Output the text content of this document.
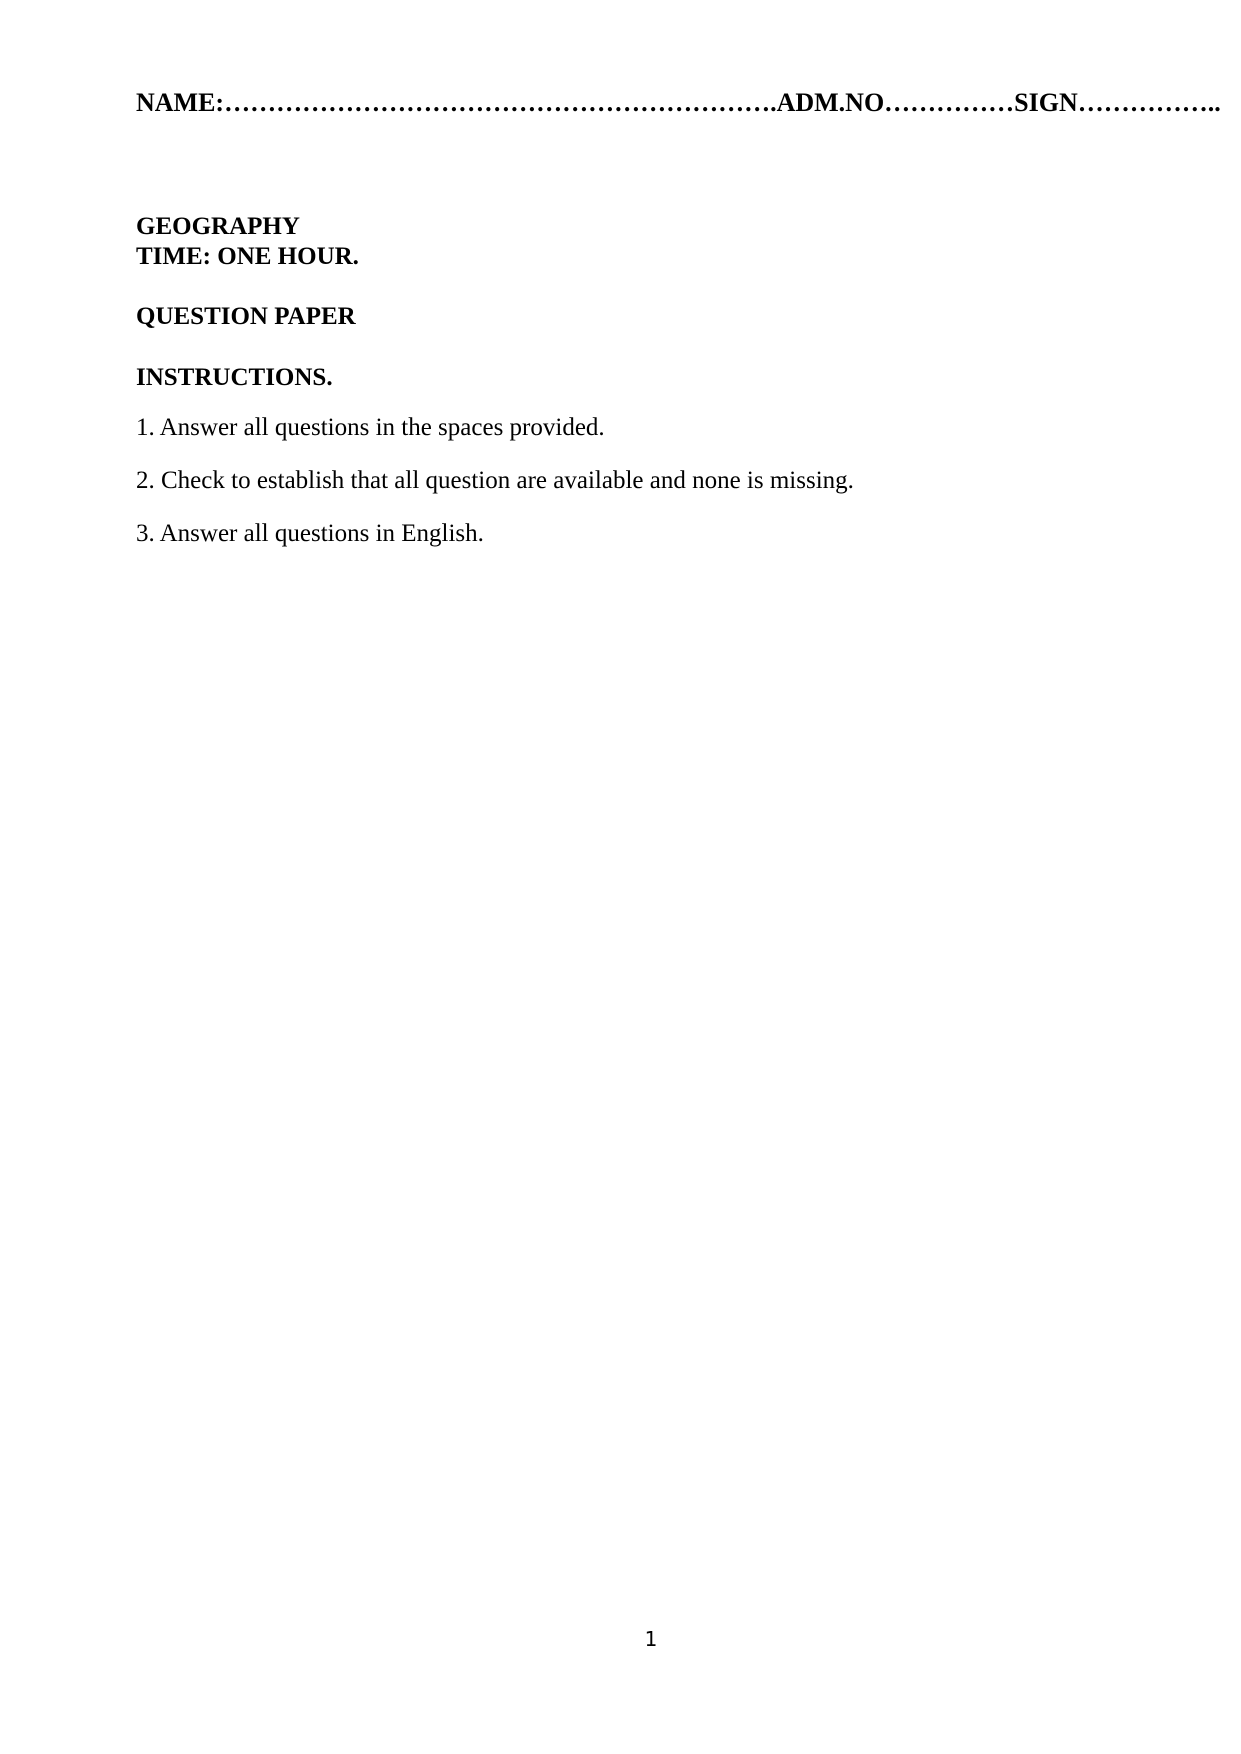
NAME:……………………………………………………….ADM.NO……………SIGN……………..
GEOGRAPHY
TIME: ONE HOUR.
QUESTION PAPER
INSTRUCTIONS.
1. Answer all questions in the spaces provided.
2. Check to establish that all question are available and none is missing.
3. Answer all questions in English.
1
